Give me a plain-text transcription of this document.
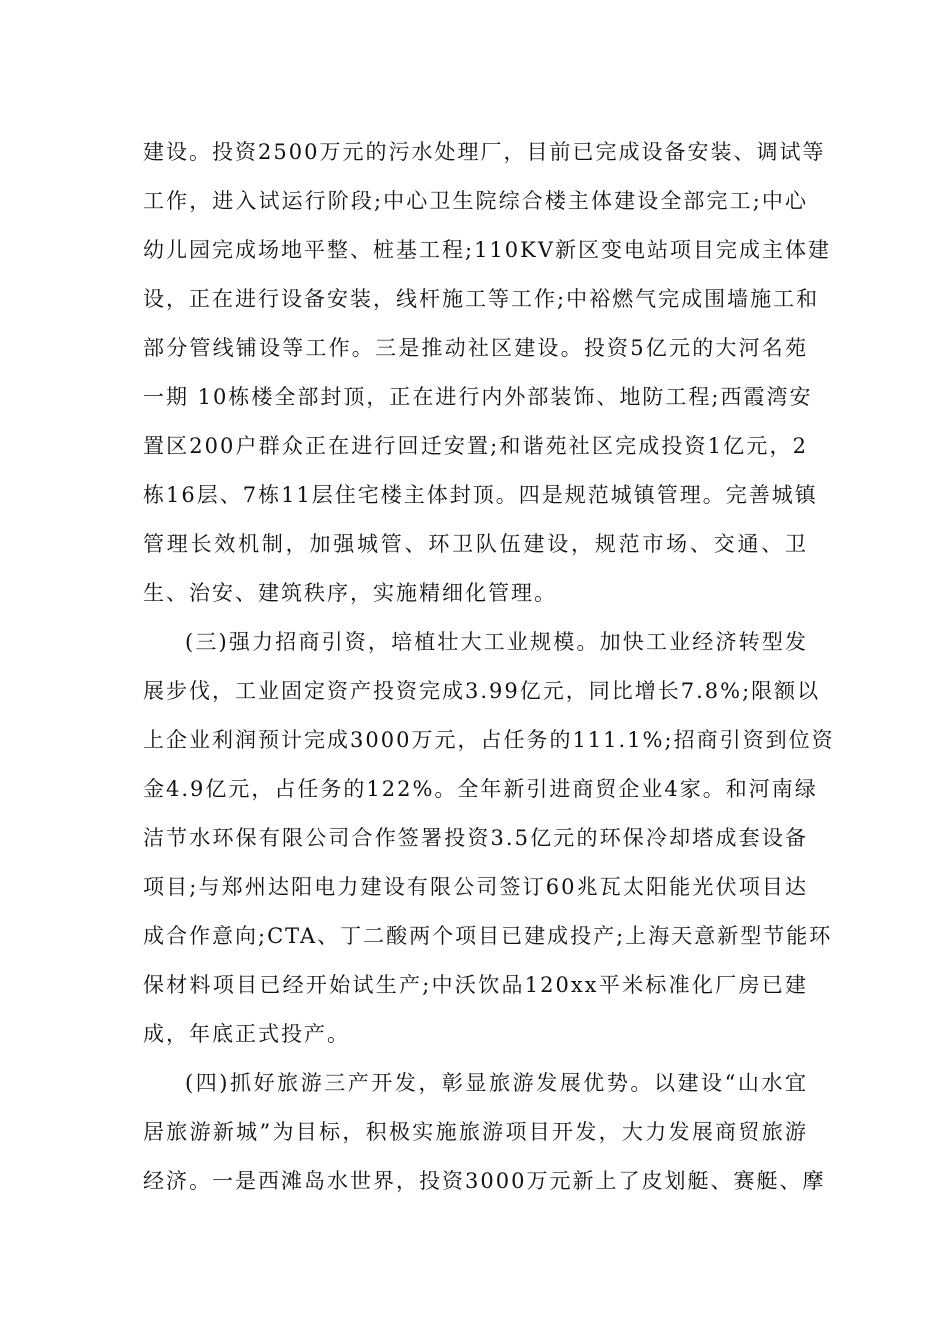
建设。投资2500万元的污水处理厂，目前已完成设备安装、调试等
工作，进入试运行阶段;中心卫生院综合楼主体建设全部完工;中心
幼儿园完成场地平整、桩基工程;110KV新区变电站项目完成主体建
设，正在进行设备安装，线杆施工等工作;中裕燃气完成围墙施工和
部分管线铺设等工作。三是推动社区建设。投资5亿元的大河名苑
一期 10栋楼全部封顶，正在进行内外部装饰、地防工程;西霞湾安
置区200户群众正在进行回迁安置;和谐苑社区完成投资1亿元，2
栋16层、7栋11层住宅楼主体封顶。四是规范城镇管理。完善城镇
管理长效机制，加强城管、环卫队伍建设，规范市场、交通、卫
生、治安、建筑秩序，实施精细化管理。
(三)强力招商引资，培植壮大工业规模。加快工业经济转型发
展步伐，工业固定资产投资完成3.99亿元，同比增长7.8%;限额以
上企业利润预计完成3000万元，占任务的111.1%;招商引资到位资
金4.9亿元，占任务的122%。全年新引进商贸企业4家。和河南绿
洁节水环保有限公司合作签署投资3.5亿元的环保冷却塔成套设备
项目;与郑州达阳电力建设有限公司签订60兆瓦太阳能光伏项目达
成合作意向;CTA、丁二酸两个项目已建成投产;上海天意新型节能环
保材料项目已经开始试生产;中沃饮品120xx平米标准化厂房已建
成，年底正式投产。
(四)抓好旅游三产开发，彰显旅游发展优势。以建设“山水宜
居旅游新城”为目标，积极实施旅游项目开发，大力发展商贸旅游
经济。一是西滩岛水世界，投资3000万元新上了皮划艇、赛艇、摩
